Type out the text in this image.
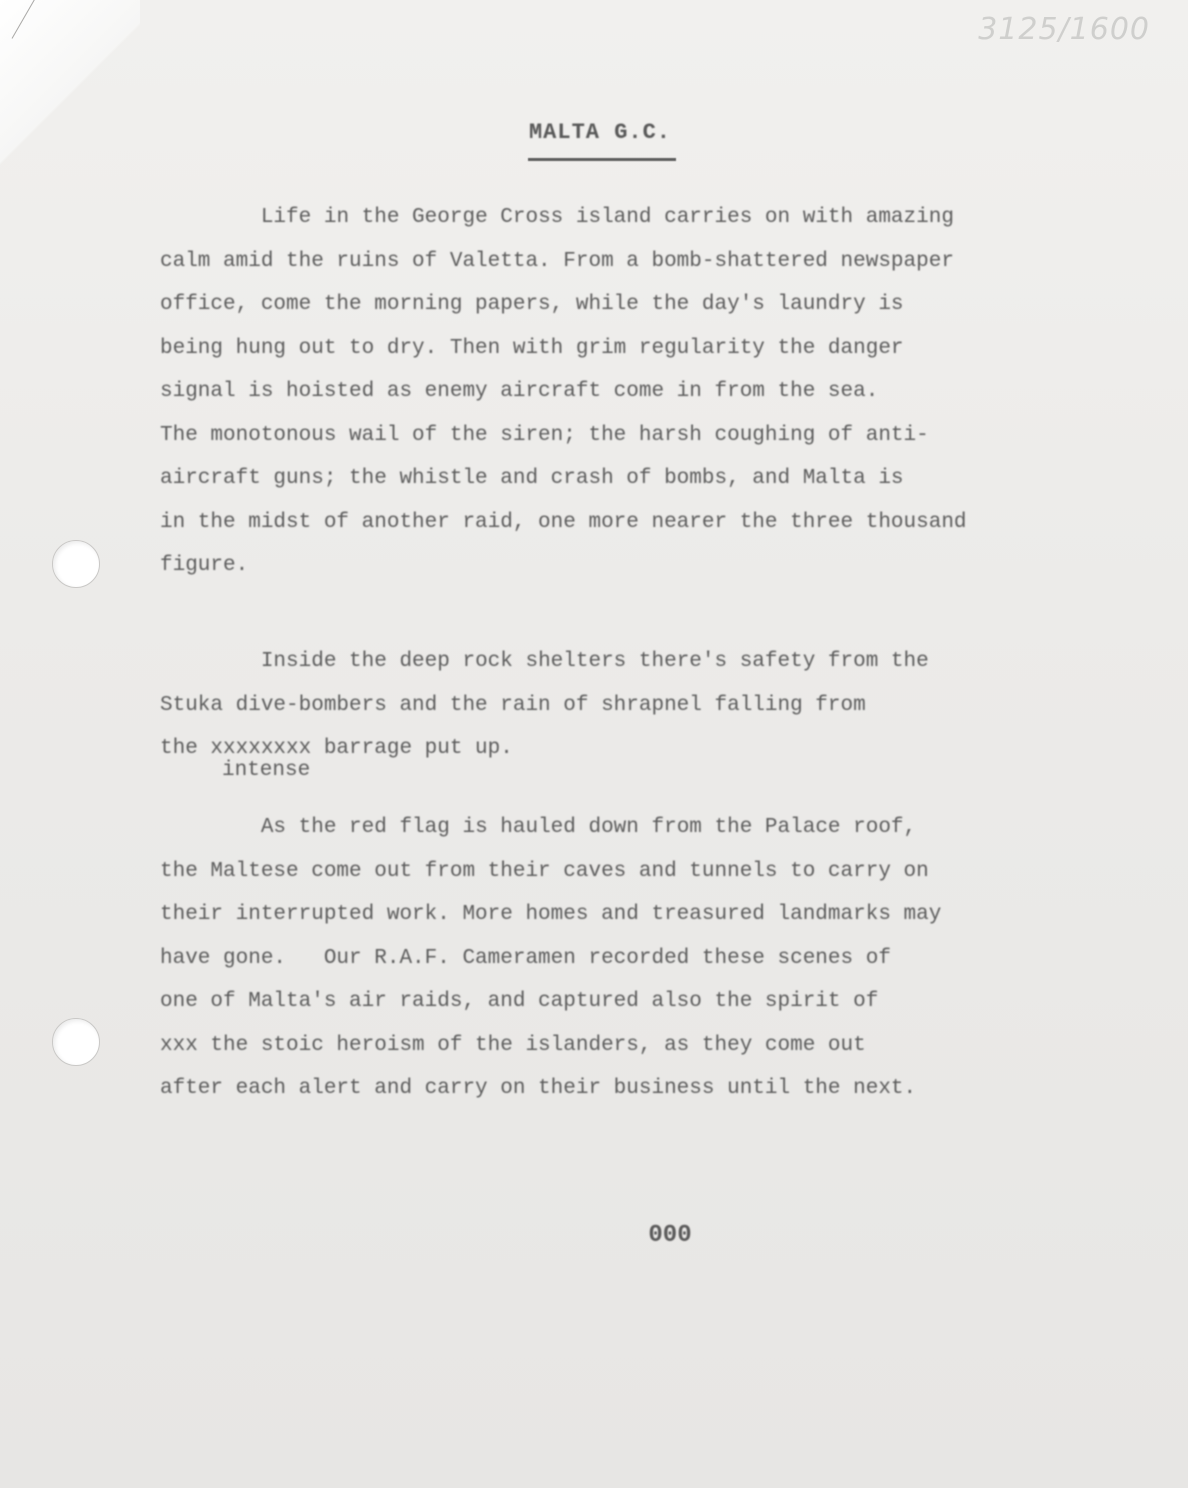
3125/1600
MALTA G.C.

Life in the George Cross island carries on with amazing
calm amid the ruins of Valetta. From a bomb-shattered newspaper
office, come the morning papers, while the day's laundry is
being hung out to dry. Then with grim regularity the danger
signal is hoisted as enemy aircraft come in from the sea.
The monotonous wail of the siren; the harsh coughing of anti-
aircraft guns; the whistle and crash of bombs, and Malta is
in the midst of another raid, one more nearer the three thousand
figure.

Inside the deep rock shelters there's safety from the
Stuka dive-bombers and the rain of shrapnel falling from
the xxxxxxxx barrage put up.

intense

As the red flag is hauled down from the Palace roof,
the Maltese come out from their caves and tunnels to carry on
their interrupted work. More homes and treasured landmarks may
have gone.   Our R.A.F. Cameramen recorded these scenes of
one of Malta's air raids, and captured also the spirit of
xxx the stoic heroism of the islanders, as they come out
after each alert and carry on their business until the next.

000
